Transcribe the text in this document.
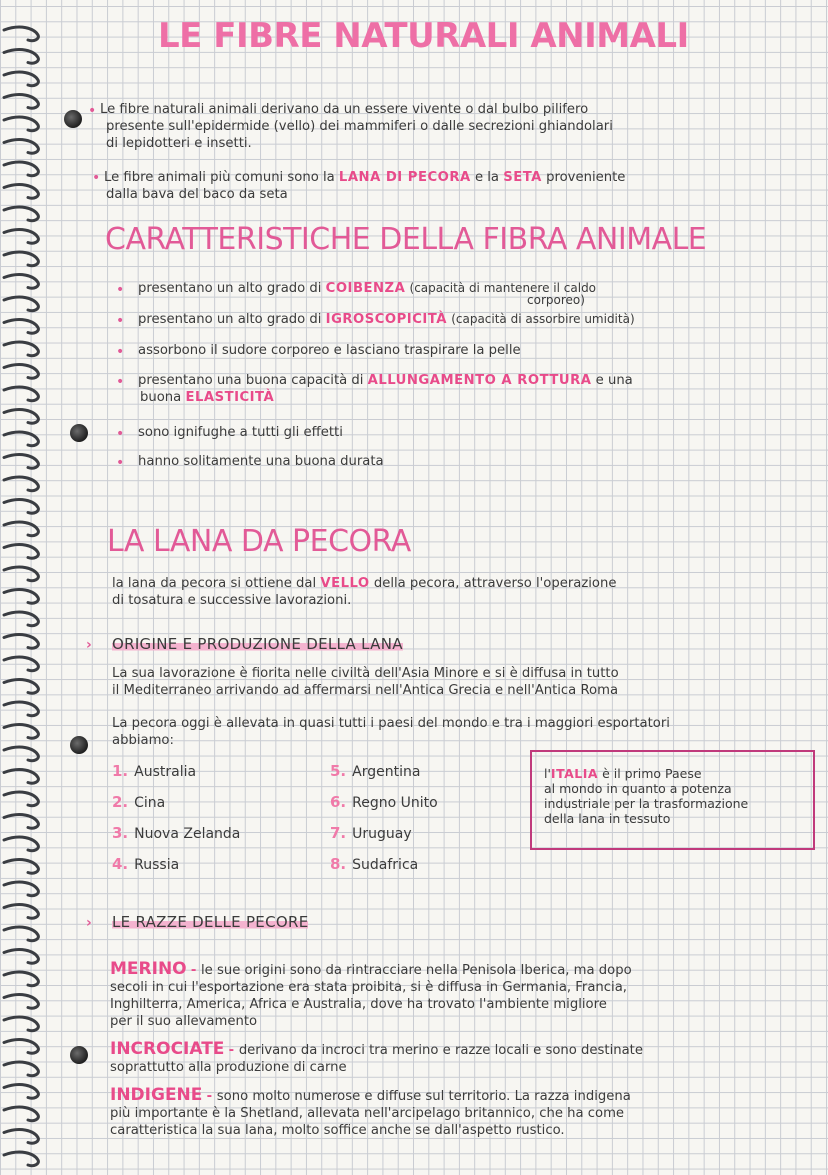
LE FIBRE NATURALI ANIMALI
• Le fibre naturali animali derivano da un essere vivente o dal bulbo pilifero
presente sull'epidermide (vello) dei mammiferi o dalle secrezioni ghiandolari
di lepidotteri e insetti.
• Le fibre animali più comuni sono la LANA DI PECORA e la SETA proveniente
dalla bava del baco da seta
CARATTERISTICHE DELLA FIBRA ANIMALE
• presentano un alto grado di COIBENZA (capacità di mantenere il caldo
corporeo)
• presentano un alto grado di IGROSCOPICITÀ (capacità di assorbire umidità)
• assorbono il sudore corporeo e lasciano traspirare la pelle
• presentano una buona capacità di ALLUNGAMENTO A ROTTURA e una
buona ELASTICITÀ
• sono ignifughe a tutti gli effetti
• hanno solitamente una buona durata
LA LANA DA PECORA
la lana da pecora si ottiene dal VELLO della pecora, attraverso l'operazione
di tosatura e successive lavorazioni.
› ORIGINE E PRODUZIONE DELLA LANA
La sua lavorazione è fiorita nelle civiltà dell'Asia Minore e si è diffusa in tutto
il Mediterraneo arrivando ad affermarsi nell'Antica Grecia e nell'Antica Roma
La pecora oggi è allevata in quasi tutti i paesi del mondo e tra i maggiori esportatori
abbiamo:
1. Australia
2. Cina
3. Nuova Zelanda
4. Russia
5. Argentina
6. Regno Unito
7. Uruguay
8. Sudafrica
l'ITALIA è il primo Paese
al mondo in quanto a potenza
industriale per la trasformazione
della lana in tessuto
› LE RAZZE DELLE PECORE
MERINO - le sue origini sono da rintracciare nella Penisola Iberica, ma dopo
secoli in cui l'esportazione era stata proibita, si è diffusa in Germania, Francia,
Inghilterra, America, Africa e Australia, dove ha trovato l'ambiente migliore
per il suo allevamento
INCROCIATE - derivano da incroci tra merino e razze locali e sono destinate
soprattutto alla produzione di carne
INDIGENE - sono molto numerose e diffuse sul territorio. La razza indigena
più importante è la Shetland, allevata nell'arcipelago britannico, che ha come
caratteristica la sua lana, molto soffice anche se dall'aspetto rustico.
